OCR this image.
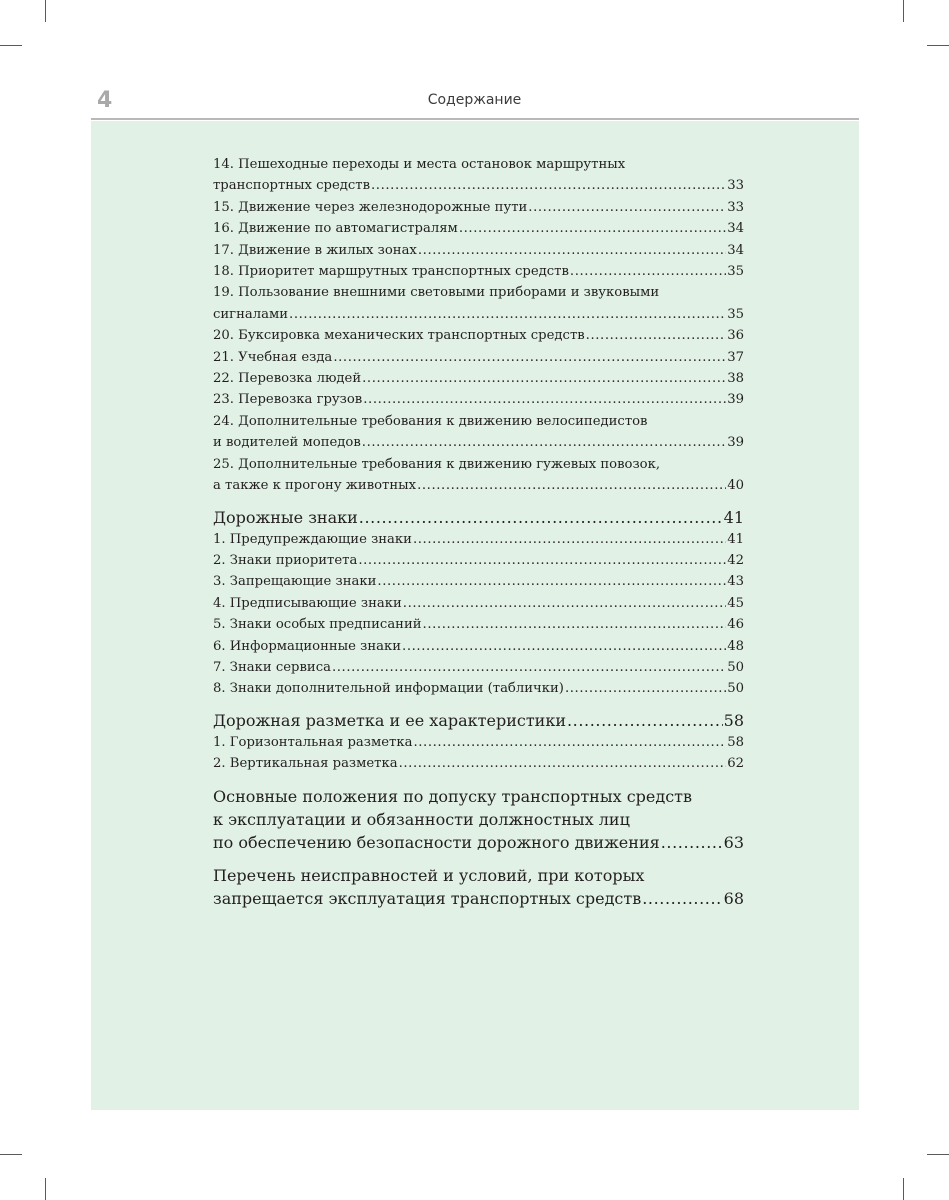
4	Содержание
14. Пешеходные переходы и места остановок маршрутных
транспортных средств .....	33
15. Движение через железнодорожные пути .....	33
16. Движение по автомагистралям .....	34
17. Движение в жилых зонах .....	34
18. Приоритет маршрутных транспортных средств .....	35
19. Пользование внешними световыми приборами и звуковыми
сигналами .....	35
20. Буксировка механических транспортных средств .....	36
21. Учебная езда .....	37
22. Перевозка людей .....	38
23. Перевозка грузов .....	39
24. Дополнительные требования к движению велосипедистов
и водителей мопедов .....	39
25. Дополнительные требования к движению гужевых повозок,
а также к прогону животных .....	40
Дорожные знаки .....	41
1. Предупреждающие знаки .....	41
2. Знаки приоритета .....	42
3. Запрещающие знаки .....	43
4. Предписывающие знаки .....	45
5. Знаки особых предписаний .....	46
6. Информационные знаки .....	48
7. Знаки сервиса .....	50
8. Знаки дополнительной информации (таблички) .....	50
Дорожная разметка и ее характеристики .....	58
1. Горизонтальная разметка .....	58
2. Вертикальная разметка .....	62
Основные положения по допуску транспортных средств
к эксплуатации и обязанности должностных лиц
по обеспечению безопасности дорожного движения .....	63
Перечень неисправностей и условий, при которых
запрещается эксплуатация транспортных средств .....	68
